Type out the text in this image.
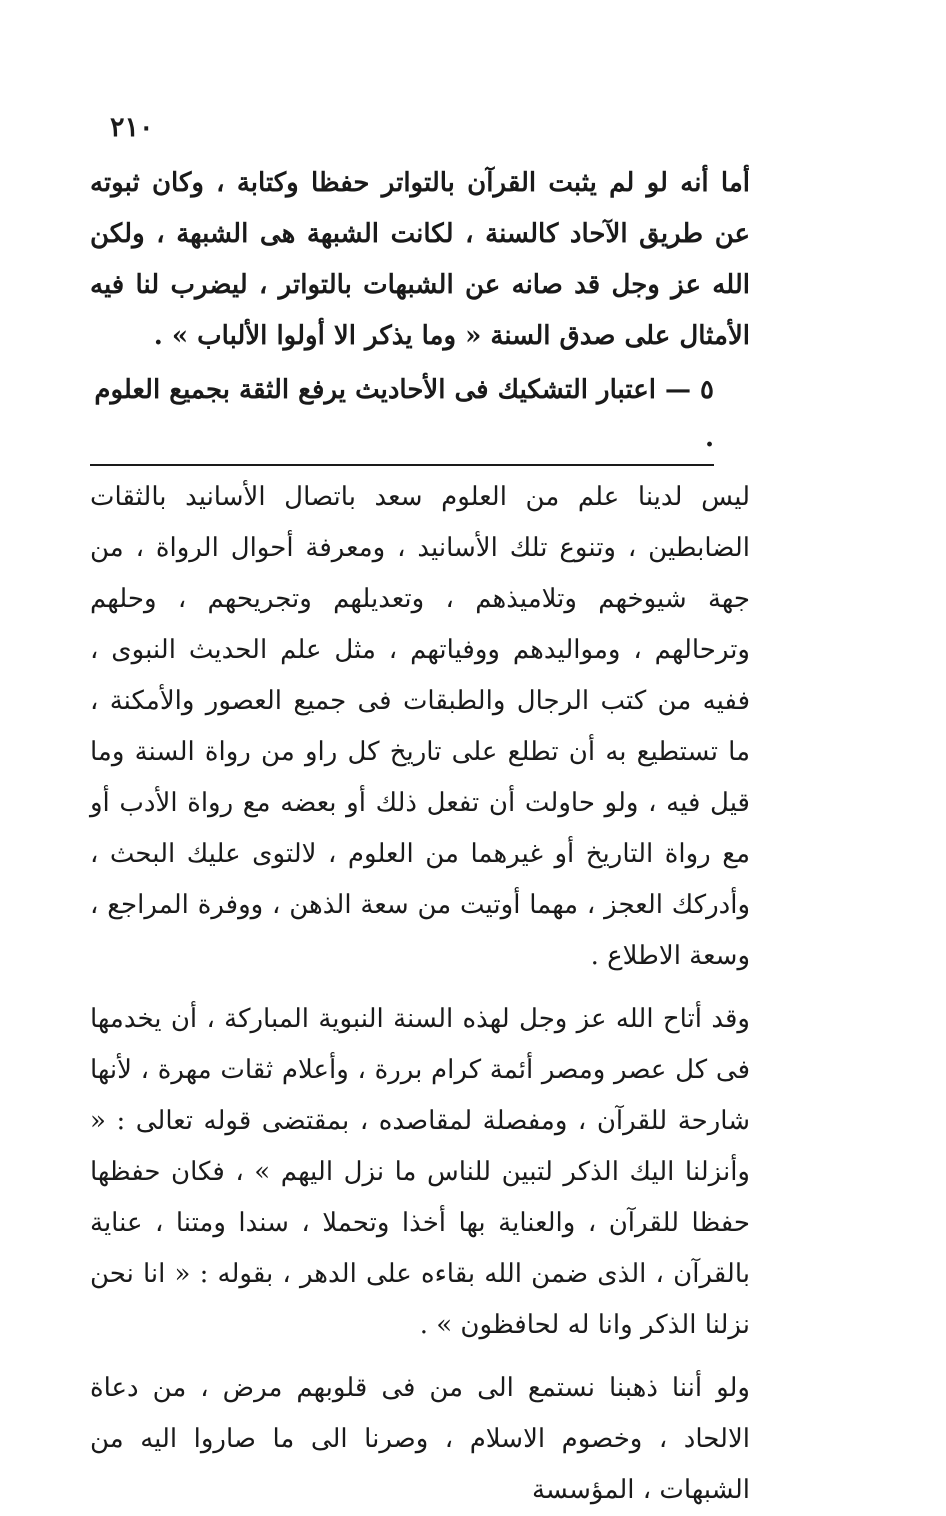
٢١٠

أما أنه لو لم يثبت القرآن بالتواتر حفظا وكتابة ، وكان ثبوته عن طريق الآحاد كالسنة ، لكانت الشبهة هى الشبهة ، ولكن الله عز وجل قد صانه عن الشبهات بالتواتر ، ليضرب لنا فيه الأمثال على صدق السنة « وما يذكر الا أولوا الألباب » .

٥ — اعتبار التشكيك فى الأحاديث يرفع الثقة بجميع العلوم .

ليس لدينا علم من العلوم سعد باتصال الأسانيد بالثقات الضابطين ، وتنوع تلك الأسانيد ، ومعرفة أحوال الرواة ، من جهة شيوخهم وتلاميذهم ، وتعديلهم وتجريحهم ، وحلهم وترحالهم ، ومواليدهم ووفياتهم ، مثل علم الحديث النبوى ، ففيه من كتب الرجال والطبقات فى جميع العصور والأمكنة ، ما تستطيع به أن تطلع على تاريخ كل راو من رواة السنة وما قيل فيه ، ولو حاولت أن تفعل ذلك أو بعضه مع رواة الأدب أو مع رواة التاريخ أو غيرهما من العلوم ، لالتوى عليك البحث ، وأدركك العجز ، مهما أوتيت من سعة الذهن ، ووفرة المراجع ، وسعة الاطلاع .

وقد أتاح الله عز وجل لهذه السنة النبوية المباركة ، أن يخدمها فى كل عصر ومصر أئمة كرام بررة ، وأعلام ثقات مهرة ، لأنها شارحة للقرآن ، ومفصلة لمقاصده ، بمقتضى قوله تعالى : « وأنزلنا اليك الذكر لتبين للناس ما نزل اليهم » ، فكان حفظها حفظا للقرآن ، والعناية بها أخذا وتحملا ، سندا ومتنا ، عناية بالقرآن ، الذى ضمن الله بقاءه على الدهر ، بقوله : « انا نحن نزلنا الذكر وانا له لحافظون » .

ولو أننا ذهبنا نستمع الى من فى قلوبهم مرض ، من دعاة الالحاد ، وخصوم الاسلام ، وصرنا الى ما صاروا اليه من الشبهات ، المؤسسة
